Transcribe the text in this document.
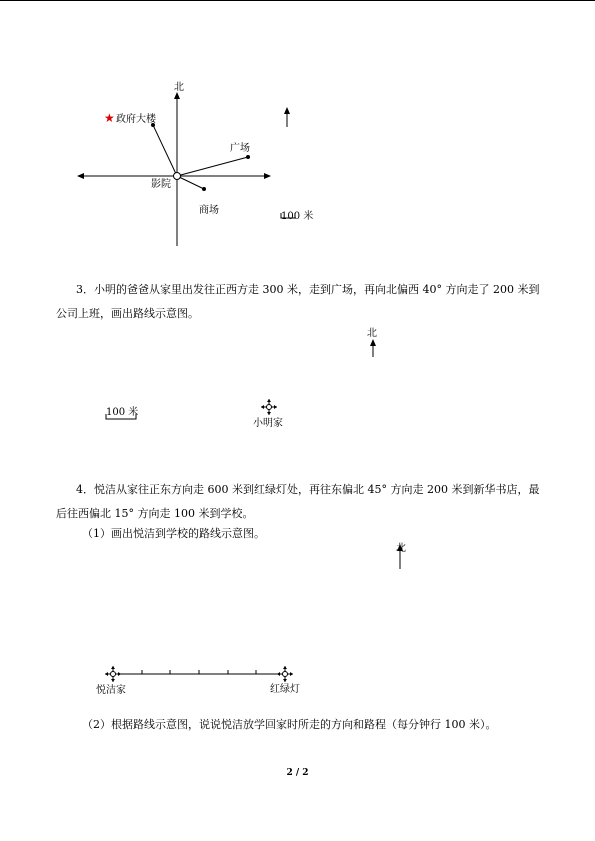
北
★ 政府大楼
广场
商场
影院
100 米
3．小明的爸爸从家里出发往正西方走 300 米，走到广场，再向北偏西 40° 方向走了 200 米到公司上班，画出路线示意图。
北
100 米
小明家
4．悦洁从家往正东方向走 600 米到红绿灯处，再往东偏北 45° 方向走 200 米到新华书店，最后往西偏北 15° 方向走 100 米到学校。
（1）画出悦洁到学校的路线示意图。
北
悦洁家	红绿灯
（2）根据路线示意图，说说悦洁放学回家时所走的方向和路程（每分钟行 100 米）。
2 / 2
